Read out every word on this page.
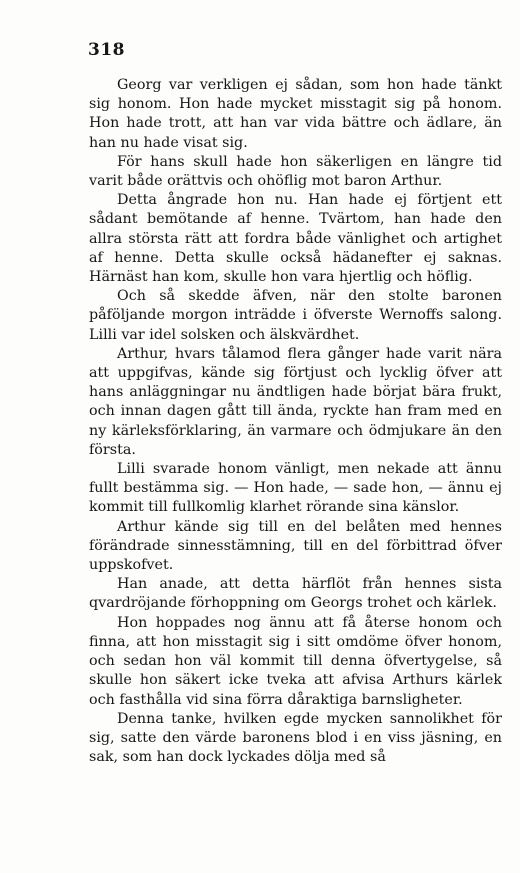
318

Georg var verkligen ej sådan, som hon hade tänkt sig honom. Hon hade mycket misstagit sig på honom. Hon hade trott, att han var vida bättre och ädlare, än han nu hade visat sig.

För hans skull hade hon säkerligen en längre tid varit både orättvis och ohöflig mot baron Arthur.

Detta ångrade hon nu. Han hade ej förtjent ett sådant bemötande af henne. Tvärtom, han hade den allra största rätt att fordra både vänlighet och artighet af henne. Detta skulle också hädanefter ej saknas. Härnäst han kom, skulle hon vara hjertlig och höflig.

Och så skedde äfven, när den stolte baronen påföljande morgon inträdde i öfverste Wernoffs salong. Lilli var idel solsken och älskvärdhet.

Arthur, hvars tålamod flera gånger hade varit nära att uppgifvas, kände sig förtjust och lycklig öfver att hans anläggningar nu ändtligen hade börjat bära frukt, och innan dagen gått till ända, ryckte han fram med en ny kärleksförklaring, än varmare och ödmjukare än den första.

Lilli svarade honom vänligt, men nekade att ännu fullt bestämma sig. — Hon hade, — sade hon, — ännu ej kommit till fullkomlig klarhet rörande sina känslor.

Arthur kände sig till en del belåten med hennes förändrade sinnesstämning, till en del förbittrad öfver uppskofvet.

Han anade, att detta härflöt från hennes sista qvardröjande förhoppning om Georgs trohet och kärlek.

Hon hoppades nog ännu att få återse honom och finna, att hon misstagit sig i sitt omdöme öfver honom, och sedan hon väl kommit till denna öfvertygelse, så skulle hon säkert icke tveka att afvisa Arthurs kärlek och fasthålla vid sina förra dåraktiga barnsligheter.

Denna tanke, hvilken egde mycken sannolikhet för sig, satte den värde baronens blod i en viss jäsning, en sak, som han dock lyckades dölja med så
